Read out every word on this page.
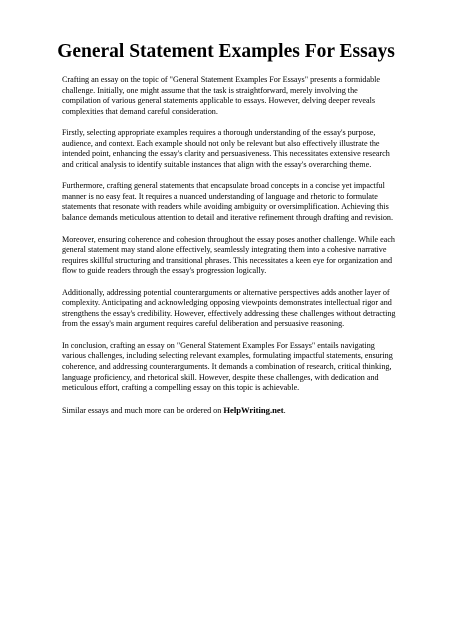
General Statement Examples For Essays

Crafting an essay on the topic of "General Statement Examples For Essays" presents a formidable challenge. Initially, one might assume that the task is straightforward, merely involving the compilation of various general statements applicable to essays. However, delving deeper reveals complexities that demand careful consideration.

Firstly, selecting appropriate examples requires a thorough understanding of the essay's purpose, audience, and context. Each example should not only be relevant but also effectively illustrate the intended point, enhancing the essay's clarity and persuasiveness. This necessitates extensive research and critical analysis to identify suitable instances that align with the essay's overarching theme.

Furthermore, crafting general statements that encapsulate broad concepts in a concise yet impactful manner is no easy feat. It requires a nuanced understanding of language and rhetoric to formulate statements that resonate with readers while avoiding ambiguity or oversimplification. Achieving this balance demands meticulous attention to detail and iterative refinement through drafting and revision.

Moreover, ensuring coherence and cohesion throughout the essay poses another challenge. While each general statement may stand alone effectively, seamlessly integrating them into a cohesive narrative requires skillful structuring and transitional phrases. This necessitates a keen eye for organization and flow to guide readers through the essay's progression logically.

Additionally, addressing potential counterarguments or alternative perspectives adds another layer of complexity. Anticipating and acknowledging opposing viewpoints demonstrates intellectual rigor and strengthens the essay's credibility. However, effectively addressing these challenges without detracting from the essay's main argument requires careful deliberation and persuasive reasoning.

In conclusion, crafting an essay on "General Statement Examples For Essays" entails navigating various challenges, including selecting relevant examples, formulating impactful statements, ensuring coherence, and addressing counterarguments. It demands a combination of research, critical thinking, language proficiency, and rhetorical skill. However, despite these challenges, with dedication and meticulous effort, crafting a compelling essay on this topic is achievable.

Similar essays and much more can be ordered on HelpWriting.net.
